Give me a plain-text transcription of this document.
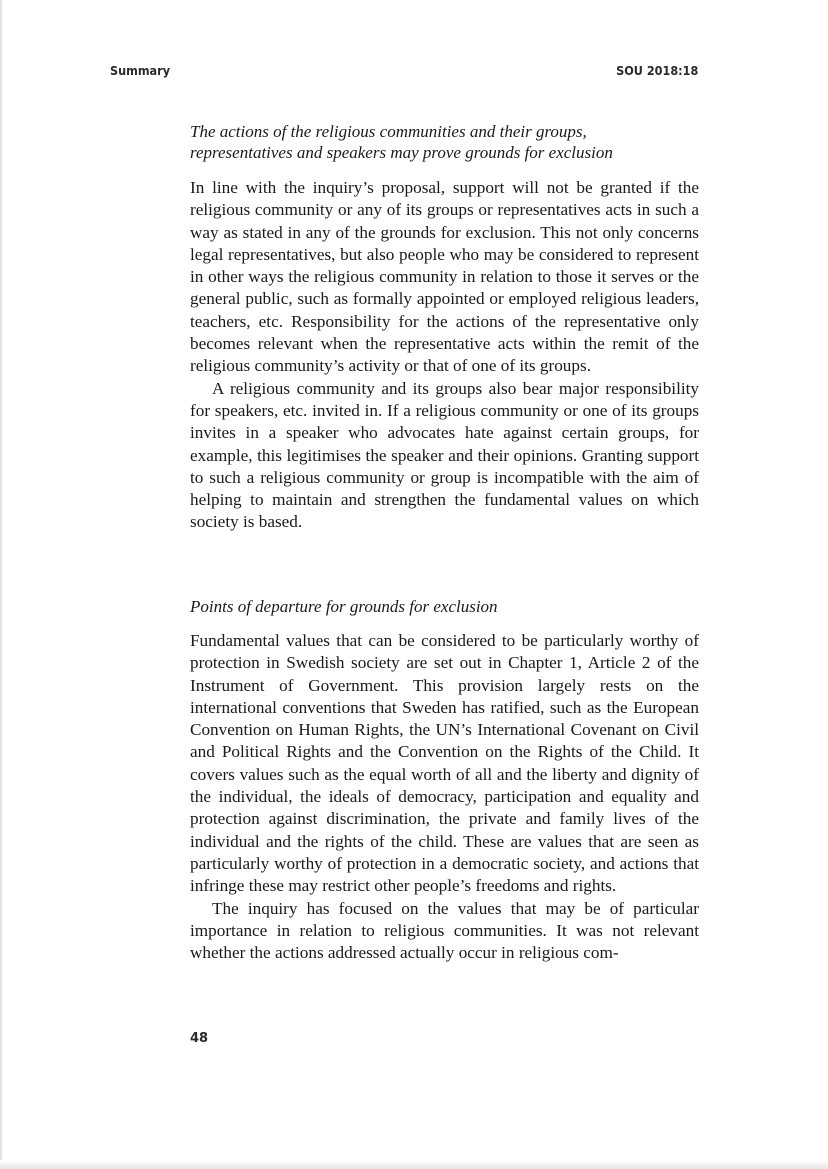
Summary	SOU 2018:18
The actions of the religious communities and their groups,
representatives and speakers may prove grounds for exclusion

In line with the inquiry’s proposal, support will not be granted if the religious community or any of its groups or representatives acts in such a way as stated in any of the grounds for exclusion. This not only concerns legal representatives, but also people who may be considered to represent in other ways the religious community in relation to those it serves or the general public, such as formally appointed or employed religious leaders, teachers, etc. Responsibility for the actions of the representative only becomes relevant when the representative acts within the remit of the religious community’s activity or that of one of its groups.

A religious community and its groups also bear major responsibility for speakers, etc. invited in. If a religious community or one of its groups invites in a speaker who advocates hate against certain groups, for example, this legitimises the speaker and their opinions. Granting support to such a religious community or group is incompatible with the aim of helping to maintain and strengthen the fundamental values on which society is based.

Points of departure for grounds for exclusion

Fundamental values that can be considered to be particularly worthy of protection in Swedish society are set out in Chapter 1, Article 2 of the Instrument of Government. This provision largely rests on the international conventions that Sweden has ratified, such as the European Convention on Human Rights, the UN’s International Covenant on Civil and Political Rights and the Convention on the Rights of the Child. It covers values such as the equal worth of all and the liberty and dignity of the individual, the ideals of democracy, participation and equality and protection against discrimination, the private and family lives of the individual and the rights of the child. These are values that are seen as particularly worthy of protection in a democratic society, and actions that infringe these may restrict other people’s freedoms and rights.

The inquiry has focused on the values that may be of particular importance in relation to religious communities. It was not relevant whether the actions addressed actually occur in religious com-

48
